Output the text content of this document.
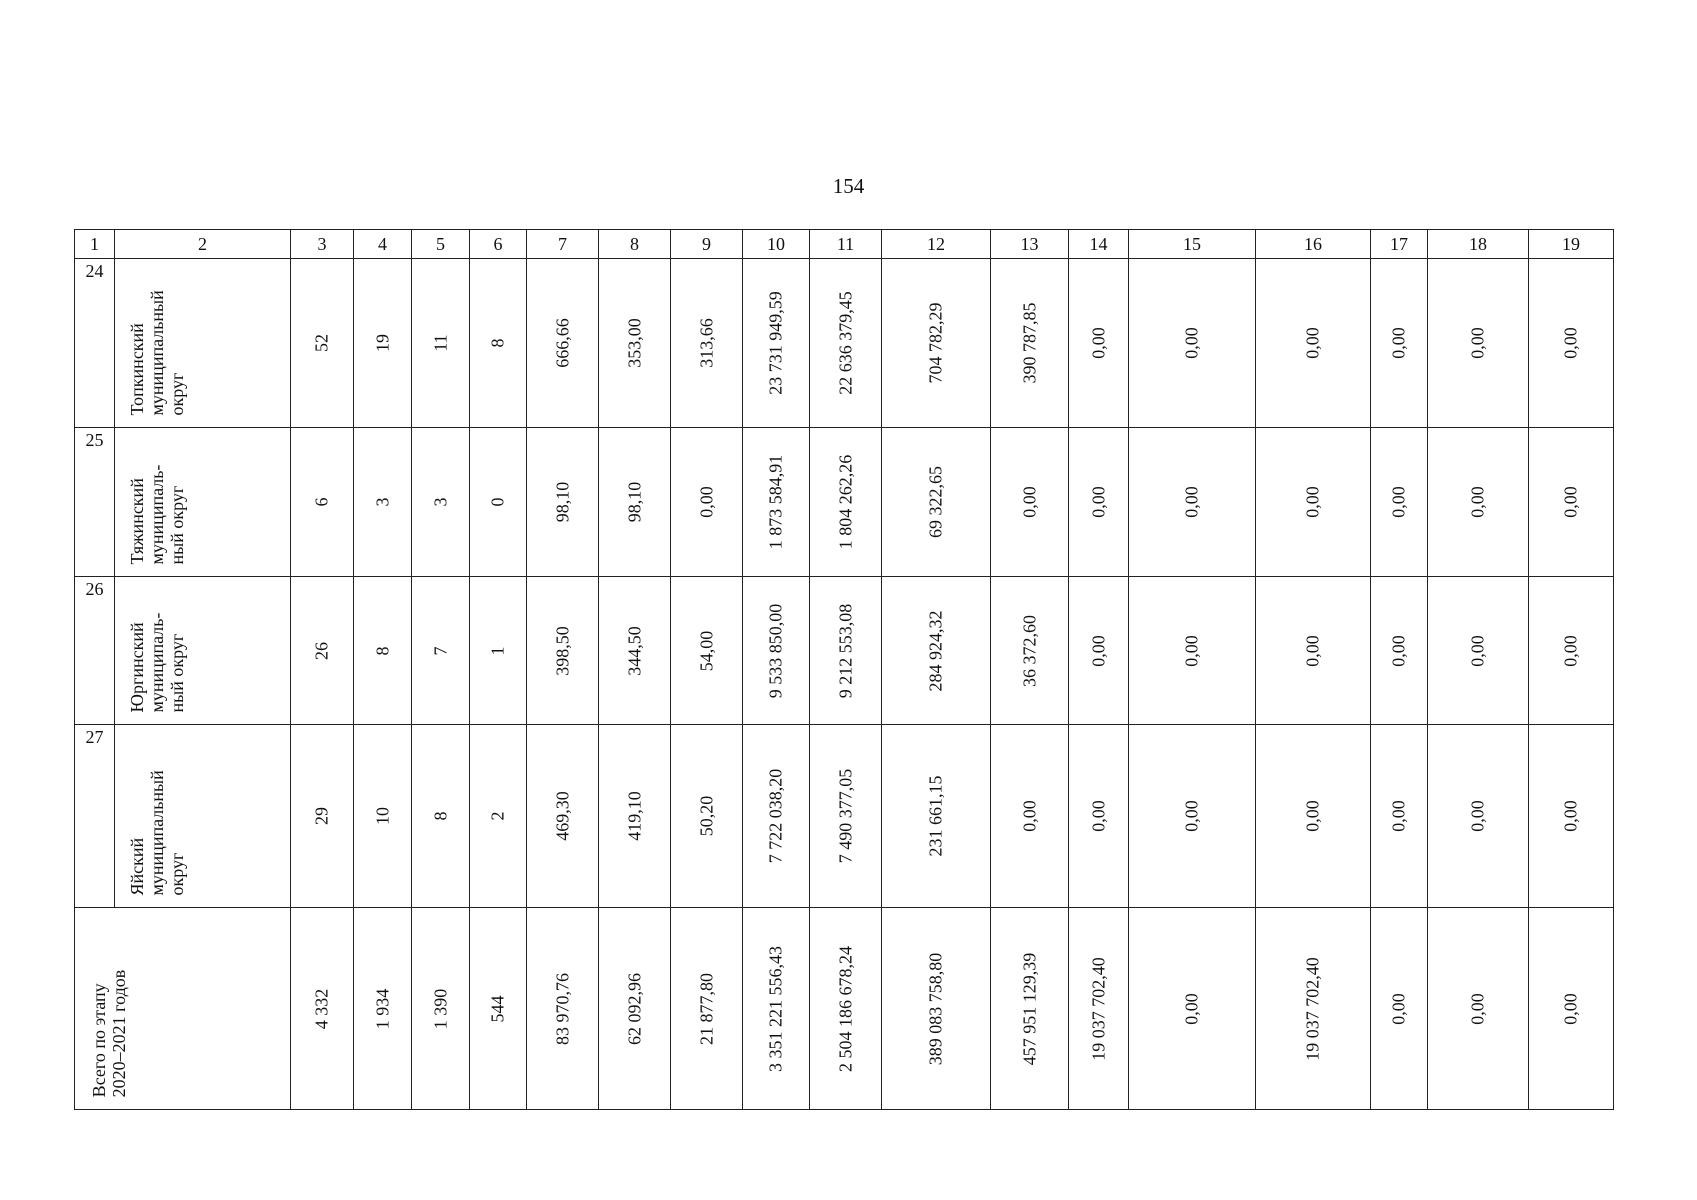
154
1	2	3	4	5	6	7	8	9	10	11	12	13	14	15	16	17	18	19

24	Топкинский
муниципальный
округ	52	19	11	8	666,66	353,00	313,66	23 731 949,59	22 636 379,45	704 782,29	390 787,85	0,00	0,00	0,00	0,00	0,00	0,00

25	Тяжинский
муниципаль-
ный округ	6	3	3	0	98,10	98,10	0,00	1 873 584,91	1 804 262,26	69 322,65	0,00	0,00	0,00	0,00	0,00	0,00	0,00

26	Юргинский
муниципаль-
ный округ	26	8	7	1	398,50	344,50	54,00	9 533 850,00	9 212 553,08	284 924,32	36 372,60	0,00	0,00	0,00	0,00	0,00	0,00

27	Яйский
муниципальный
округ	29	10	8	2	469,30	419,10	50,20	7 722 038,20	7 490 377,05	231 661,15	0,00	0,00	0,00	0,00	0,00	0,00	0,00

Всего по этапу
2020–2021 годов		4 332	1 934	1 390	544	83 970,76	62 092,96	21 877,80	3 351 221 556,43	2 504 186 678,24	389 083 758,80	457 951 129,39	19 037 702,40	0,00	19 037 702,40	0,00	0,00	0,00
